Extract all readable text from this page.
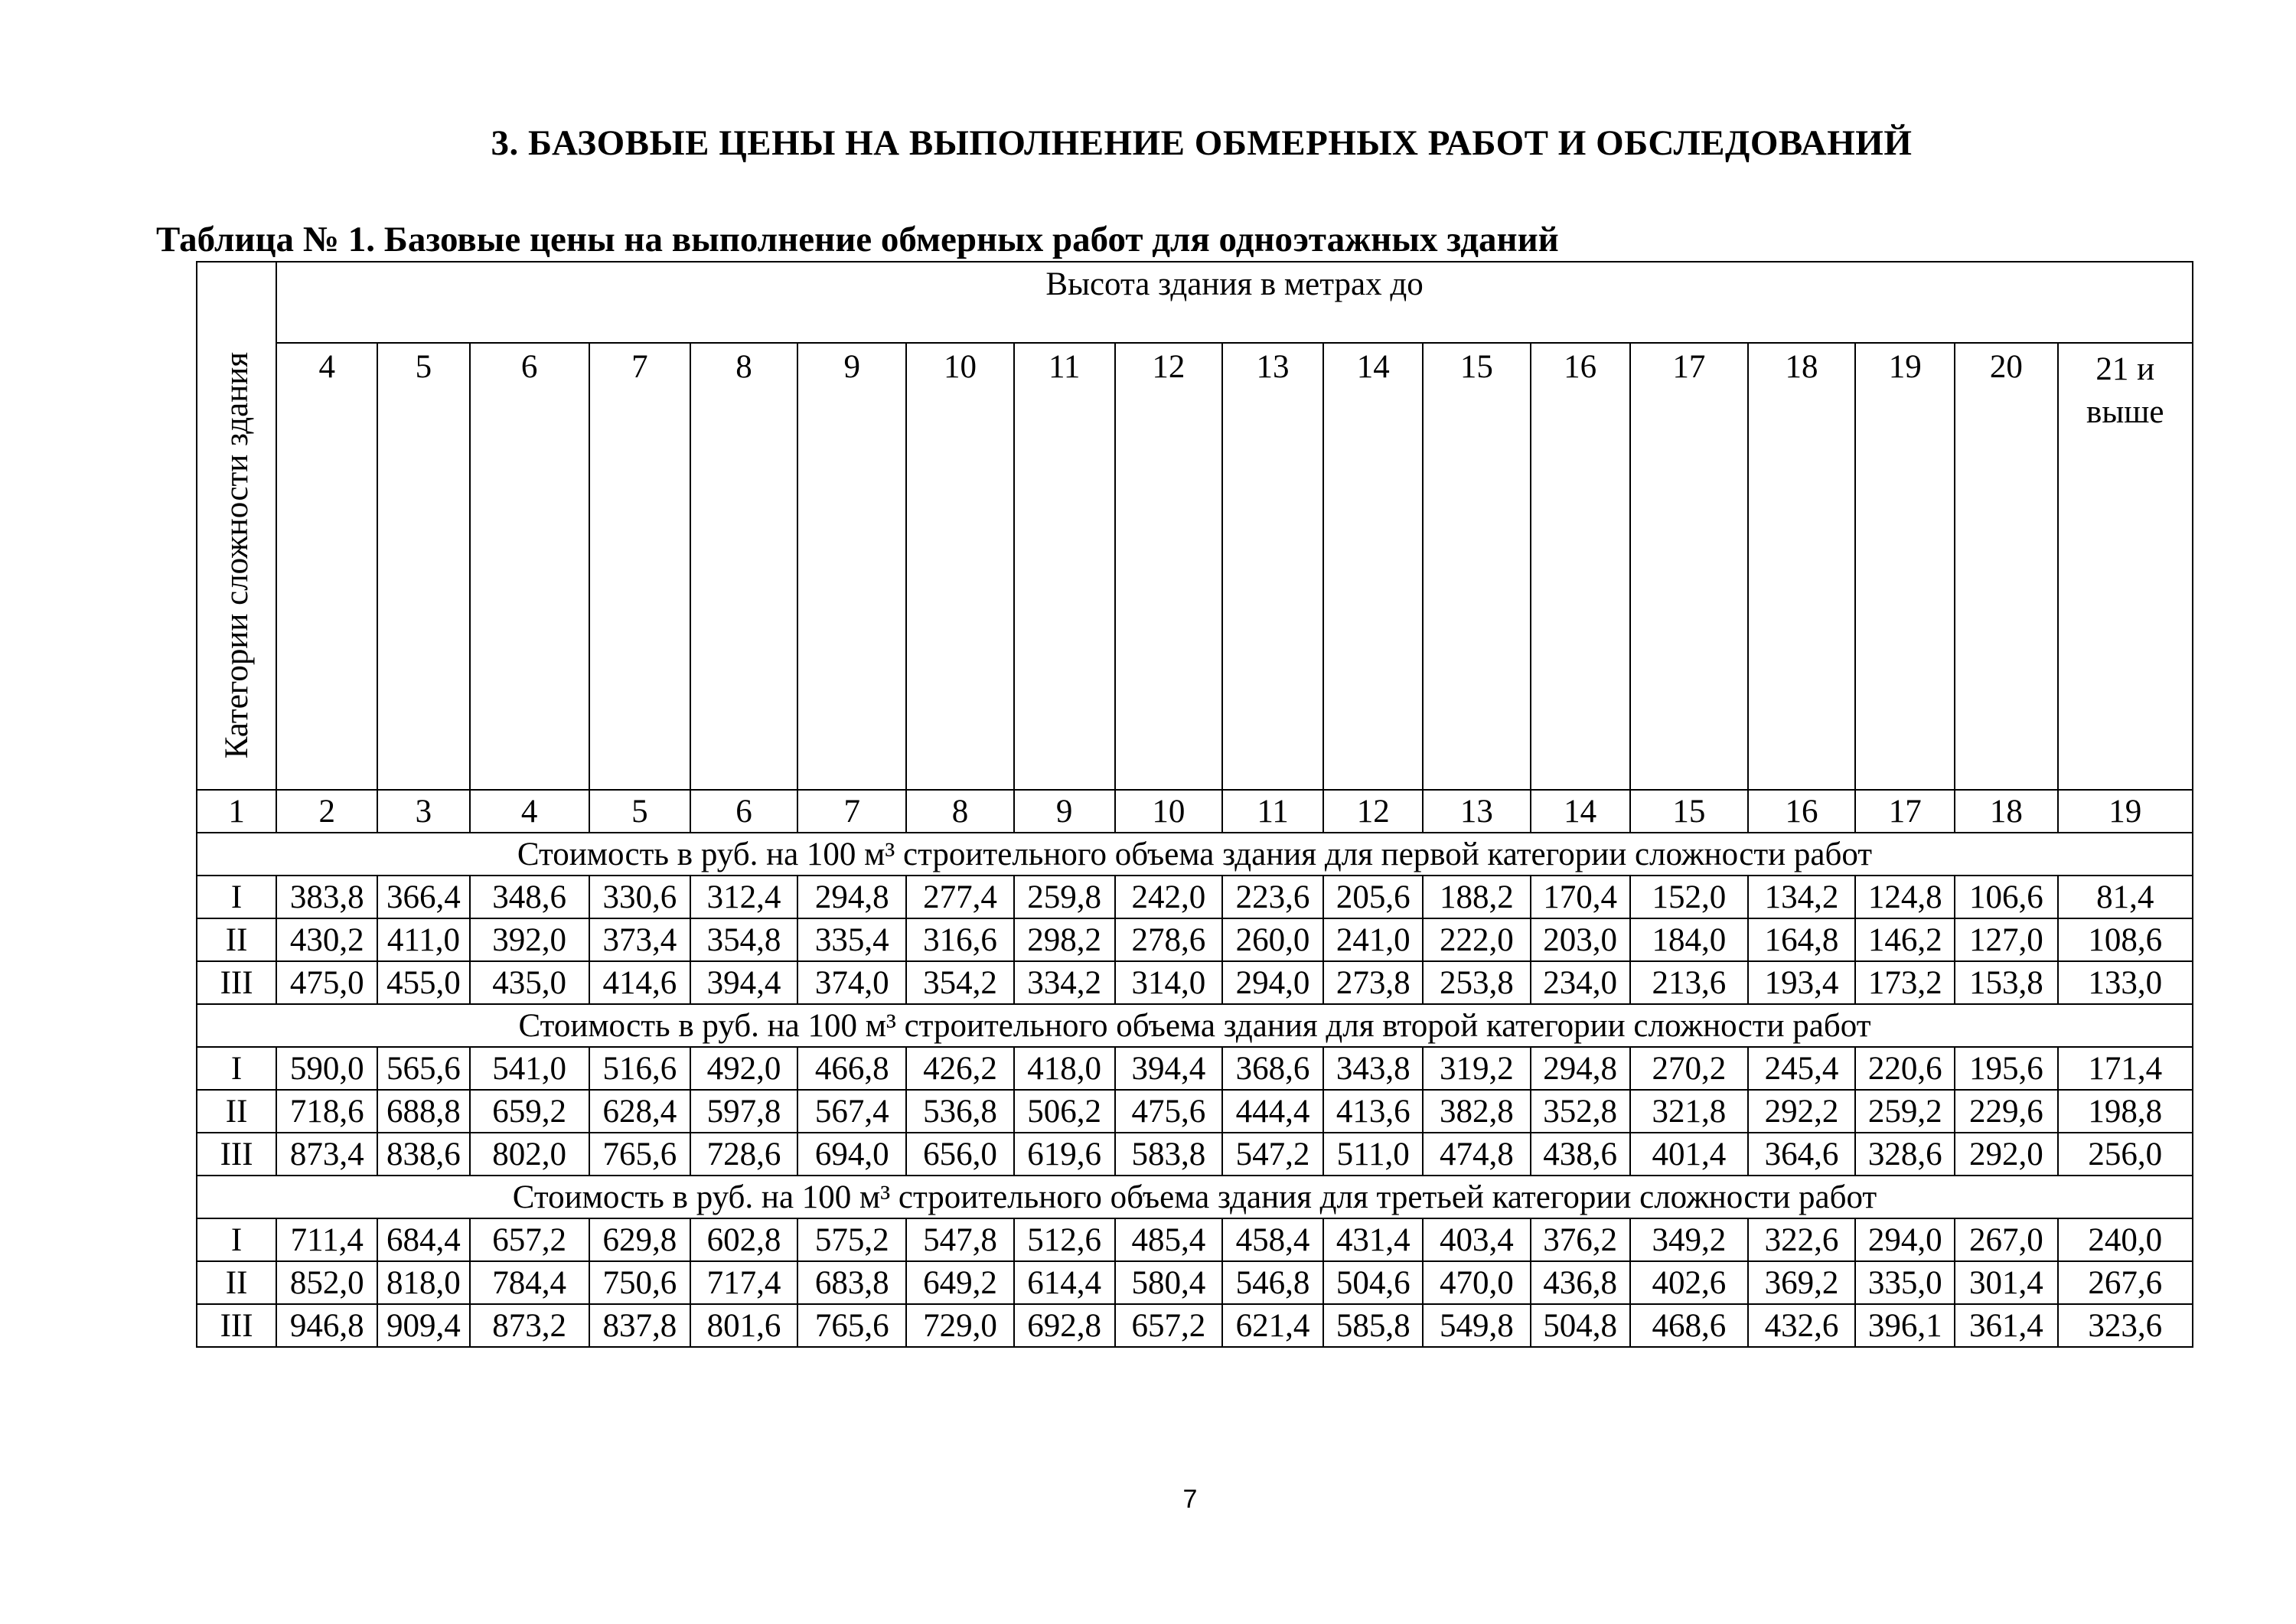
3. БАЗОВЫЕ ЦЕНЫ НА ВЫПОЛНЕНИЕ ОБМЕРНЫХ РАБОТ И ОБСЛЕДОВАНИЙ
Таблица № 1. Базовые цены на выполнение обмерных работ для одноэтажных зданий
Категории сложности здания	Высота здания в метрах до																	
	4	5	6	7	8	9	10	11	12	13	14	15	16	17	18	19	20	21 и выше
1	2	3	4	5	6	7	8	9	10	11	12	13	14	15	16	17	18	19
Стоимость в руб. на 100 м³ строительного объема здания для первой категории сложности работ																		
I	383,8	366,4	348,6	330,6	312,4	294,8	277,4	259,8	242,0	223,6	205,6	188,2	170,4	152,0	134,2	124,8	106,6	81,4
II	430,2	411,0	392,0	373,4	354,8	335,4	316,6	298,2	278,6	260,0	241,0	222,0	203,0	184,0	164,8	146,2	127,0	108,6
III	475,0	455,0	435,0	414,6	394,4	374,0	354,2	334,2	314,0	294,0	273,8	253,8	234,0	213,6	193,4	173,2	153,8	133,0
Стоимость в руб. на 100 м³ строительного объема здания для второй категории сложности работ																		
I	590,0	565,6	541,0	516,6	492,0	466,8	426,2	418,0	394,4	368,6	343,8	319,2	294,8	270,2	245,4	220,6	195,6	171,4
II	718,6	688,8	659,2	628,4	597,8	567,4	536,8	506,2	475,6	444,4	413,6	382,8	352,8	321,8	292,2	259,2	229,6	198,8
III	873,4	838,6	802,0	765,6	728,6	694,0	656,0	619,6	583,8	547,2	511,0	474,8	438,6	401,4	364,6	328,6	292,0	256,0
Стоимость в руб. на 100 м³ строительного объема здания для третьей категории сложности работ																		
I	711,4	684,4	657,2	629,8	602,8	575,2	547,8	512,6	485,4	458,4	431,4	403,4	376,2	349,2	322,6	294,0	267,0	240,0
II	852,0	818,0	784,4	750,6	717,4	683,8	649,2	614,4	580,4	546,8	504,6	470,0	436,8	402,6	369,2	335,0	301,4	267,6
III	946,8	909,4	873,2	837,8	801,6	765,6	729,0	692,8	657,2	621,4	585,8	549,8	504,8	468,6	432,6	396,1	361,4	323,6
7
